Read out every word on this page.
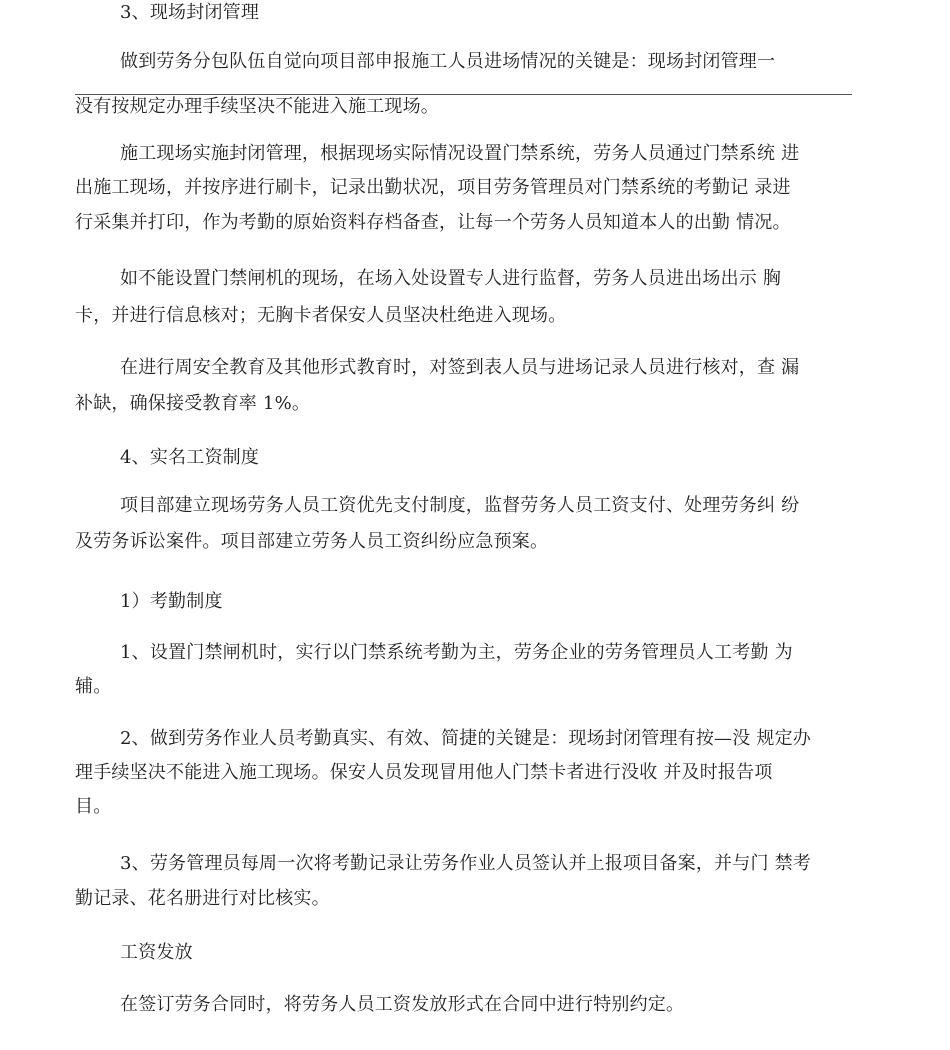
3、现场封闭管理
做到劳务分包队伍自觉向项目部申报施工人员进场情况的关键是：现场封闭管理一
没有按规定办理手续坚决不能进入施工现场。
施工现场实施封闭管理，根据现场实际情况设置门禁系统，劳务人员通过门禁系统 进
出施工现场，并按序进行刷卡，记录出勤状况，项目劳务管理员对门禁系统的考勤记 录进
行采集并打印，作为考勤的原始资料存档备查，让每一个劳务人员知道本人的出勤 情况。
如不能设置门禁闸机的现场，在场入处设置专人进行监督，劳务人员进出场出示 胸
卡，并进行信息核对；无胸卡者保安人员坚决杜绝进入现场。
在进行周安全教育及其他形式教育时，对签到表人员与进场记录人员进行核对，查 漏
补缺，确保接受教育率 1%。
4、实名工资制度
项目部建立现场劳务人员工资优先支付制度，监督劳务人员工资支付、处理劳务纠 纷
及劳务诉讼案件。项目部建立劳务人员工资纠纷应急预案。
1）考勤制度
1、设置门禁闸机时，实行以门禁系统考勤为主，劳务企业的劳务管理员人工考勤 为
辅。
2、做到劳务作业人员考勤真实、有效、简捷的关键是：现场封闭管理有按—没 规定办
理手续坚决不能进入施工现场。保安人员发现冒用他人门禁卡者进行没收 并及时报告项
目。
3、劳务管理员每周一次将考勤记录让劳务作业人员签认并上报项目备案，并与门 禁考
勤记录、花名册进行对比核实。
工资发放
在签订劳务合同时，将劳务人员工资发放形式在合同中进行特别约定。
